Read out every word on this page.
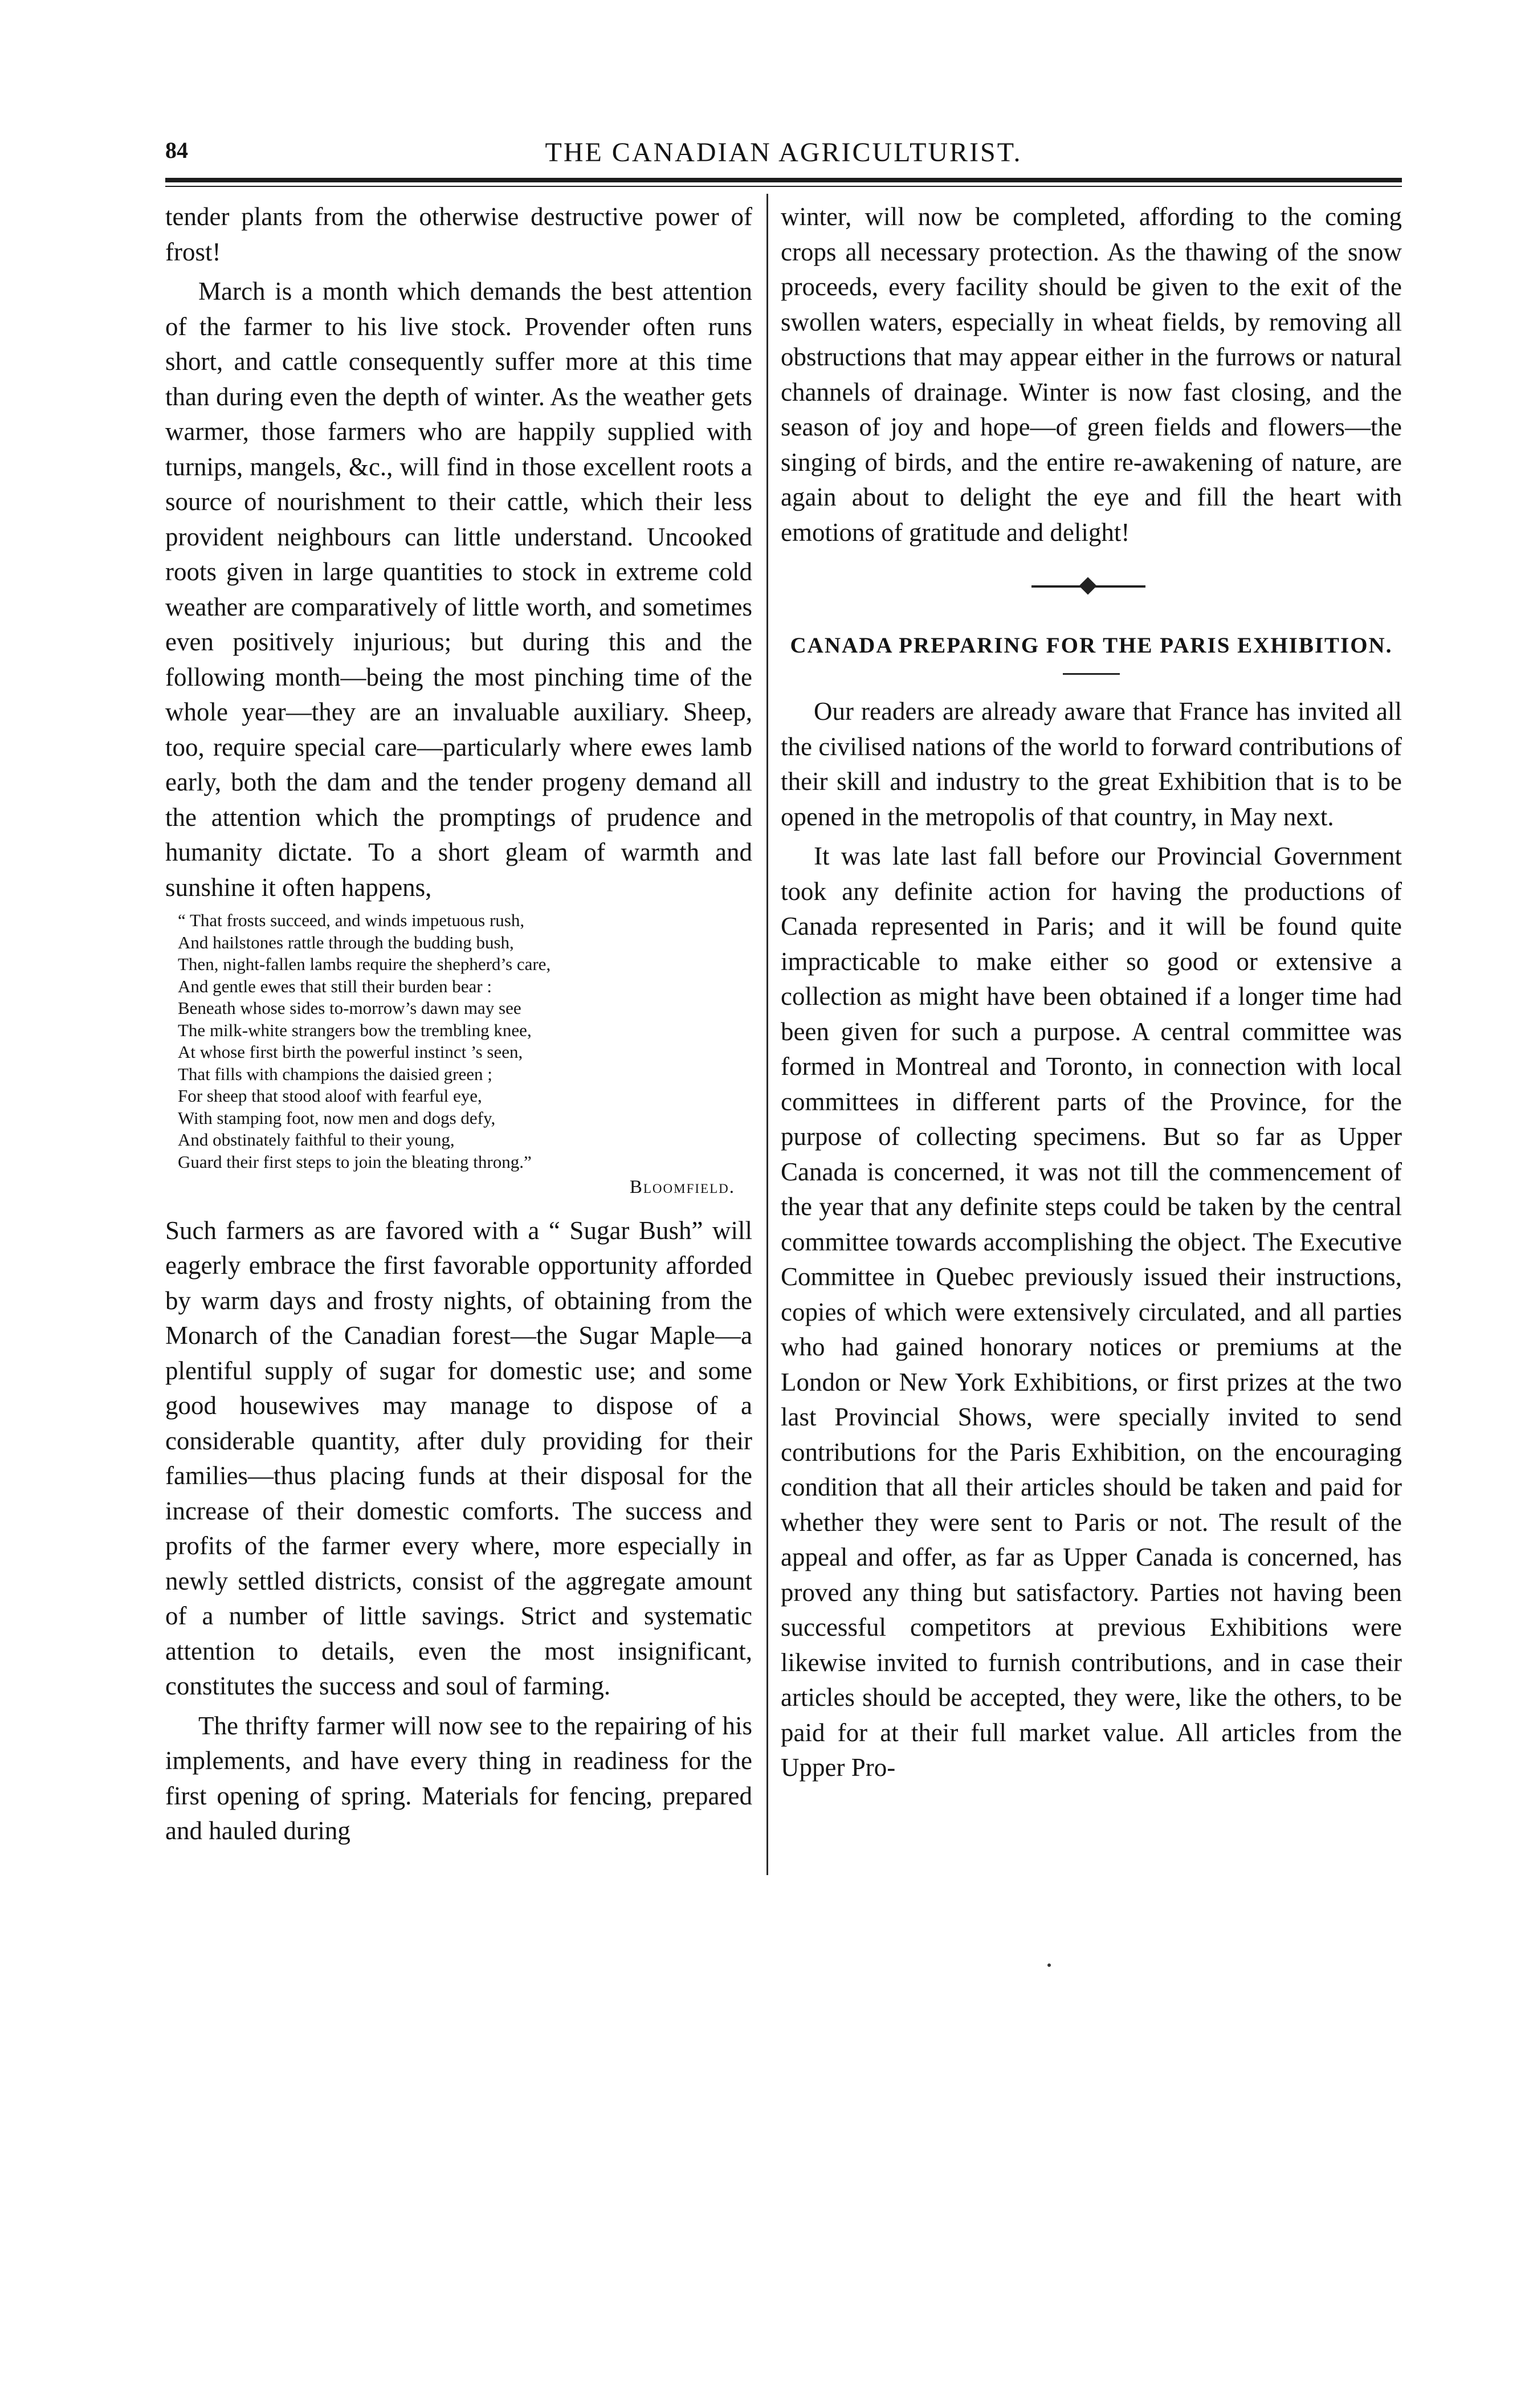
84	THE CANADIAN AGRICULTURIST.

tender plants from the otherwise destructive power of frost!

March is a month which demands the best attention of the farmer to his live stock. Provender often runs short, and cattle consequently suffer more at this time than during even the depth of winter. As the weather gets warmer, those farmers who are happily supplied with turnips, mangels, &c., will find in those excellent roots a source of nourishment to their cattle, which their less provident neighbours can little understand. Uncooked roots given in large quantities to stock in extreme cold weather are comparatively of little worth, and sometimes even positively injurious; but during this and the following month—being the most pinching time of the whole year—they are an invaluable auxiliary. Sheep, too, require special care—particularly where ewes lamb early, both the dam and the tender progeny demand all the attention which the promptings of prudence and humanity dictate. To a short gleam of warmth and sunshine it often happens,

“ That frosts succeed, and winds impetuous rush,
And hailstones rattle through the budding bush,
Then, night-fallen lambs require the shepherd’s care,
And gentle ewes that still their burden bear :
Beneath whose sides to-morrow’s dawn may see
The milk-white strangers bow the trembling knee,
At whose first birth the powerful instinct ’s seen,
That fills with champions the daisied green ;
For sheep that stood aloof with fearful eye,
With stamping foot, now men and dogs defy,
And obstinately faithful to their young,
Guard their first steps to join the bleating throng.”
Bloomfield.

Such farmers as are favored with a “ Sugar Bush” will eagerly embrace the first favorable opportunity afforded by warm days and frosty nights, of obtaining from the Monarch of the Canadian forest—the Sugar Maple—a plentiful supply of sugar for domestic use; and some good housewives may manage to dispose of a considerable quantity, after duly providing for their families—thus placing funds at their disposal for the increase of their domestic comforts. The success and profits of the farmer every where, more especially in newly settled districts, consist of the aggregate amount of a number of little savings. Strict and systematic attention to details, even the most insignificant, constitutes the success and soul of farming.

The thrifty farmer will now see to the repairing of his implements, and have every thing in readiness for the first opening of spring. Materials for fencing, prepared and hauled during

winter, will now be completed, affording to the coming crops all necessary protection. As the thawing of the snow proceeds, every facility should be given to the exit of the swollen waters, especially in wheat fields, by removing all obstructions that may appear either in the furrows or natural channels of drainage. Winter is now fast closing, and the season of joy and hope—of green fields and flowers—the singing of birds, and the entire re-awakening of nature, are again about to delight the eye and fill the heart with emotions of gratitude and delight!

CANADA PREPARING FOR THE PARIS EXHIBITION.

Our readers are already aware that France has invited all the civilised nations of the world to forward contributions of their skill and industry to the great Exhibition that is to be opened in the metropolis of that country, in May next.

It was late last fall before our Provincial Government took any definite action for having the productions of Canada represented in Paris; and it will be found quite impracticable to make either so good or extensive a collection as might have been obtained if a longer time had been given for such a purpose. A central committee was formed in Montreal and Toronto, in connection with local committees in different parts of the Province, for the purpose of collecting specimens. But so far as Upper Canada is concerned, it was not till the commencement of the year that any definite steps could be taken by the central committee towards accomplishing the object. The Executive Committee in Quebec previously issued their instructions, copies of which were extensively circulated, and all parties who had gained honorary notices or premiums at the London or New York Exhibitions, or first prizes at the two last Provincial Shows, were specially invited to send contributions for the Paris Exhibition, on the encouraging condition that all their articles should be taken and paid for whether they were sent to Paris or not. The result of the appeal and offer, as far as Upper Canada is concerned, has proved any thing but satisfactory. Parties not having been successful competitors at previous Exhibitions were likewise invited to furnish contributions, and in case their articles should be accepted, they were, like the others, to be paid for at their full market value. All articles from the Upper Pro-
